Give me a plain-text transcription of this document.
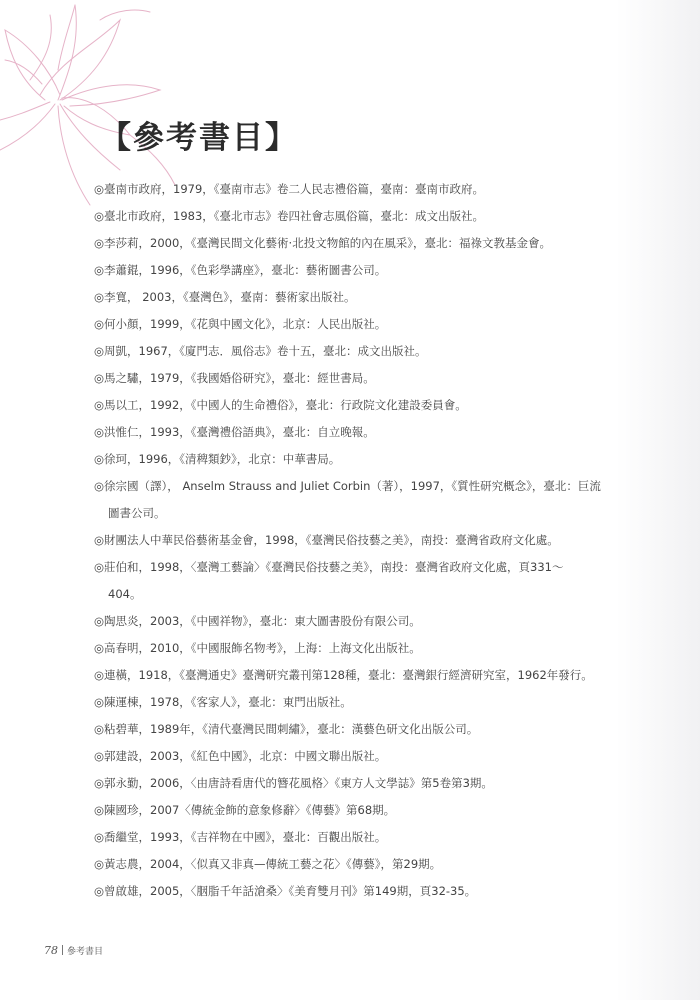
【參考書目】
◎臺南市政府，1979，《臺南市志》卷二人民志禮俗篇，臺南：臺南市政府。
◎臺北市政府，1983，《臺北市志》卷四社會志風俗篇，臺北：成文出版社。
◎李莎莉，2000，《臺灣民間文化藝術‧北投文物館的內在風采》，臺北：福祿文教基金會。
◎李蕭錕，1996，《色彩學講座》，臺北：藝術圖書公司。
◎李寬， 2003，《臺灣色》，臺南：藝術家出版社。
◎何小顏，1999，《花與中國文化》，北京：人民出版社。
◎周凱，1967，《廈門志．風俗志》卷十五，臺北：成文出版社。
◎馬之驌，1979，《我國婚俗研究》，臺北：經世書局。
◎馬以工，1992，《中國人的生命禮俗》，臺北：行政院文化建設委員會。
◎洪惟仁，1993，《臺灣禮俗語典》，臺北：自立晚報。
◎徐珂，1996，《清稗類鈔》，北京：中華書局。
◎徐宗國（譯）， Anselm Strauss and Juliet Corbin（著），1997，《質性研究概念》，臺北：巨流
圖書公司。
◎財團法人中華民俗藝術基金會，1998，《臺灣民俗技藝之美》，南投：臺灣省政府文化處。
◎莊伯和，1998，〈臺灣工藝論〉《臺灣民俗技藝之美》，南投：臺灣省政府文化處，頁331～
404。
◎陶思炎，2003，《中國祥物》，臺北：東大圖書股份有限公司。
◎高春明，2010，《中國服飾名物考》，上海：上海文化出版社。
◎連橫，1918，《臺灣通史》臺灣研究叢刊第128種，臺北：臺灣銀行經濟研究室，1962年發行。
◎陳運棟，1978，《客家人》，臺北：東門出版社。
◎粘碧華，1989年，《清代臺灣民間刺繡》，臺北：漢藝色研文化出版公司。
◎郭建設，2003，《紅色中國》，北京：中國文聯出版社。
◎郭永勤，2006，〈由唐詩看唐代的簪花風格〉《東方人文學誌》第5卷第3期。
◎陳國珍，2007〈傳統金飾的意象修辭〉《傳藝》第68期。
◎喬繼堂，1993，《吉祥物在中國》，臺北：百觀出版社。
◎黃志農，2004，〈似真又非真—傳統工藝之花〉《傳藝》，第29期。
◎曾啟雄，2005，〈胭脂千年話滄桑〉《美育雙月刊》第149期，頁32-35。
78 參考書目
